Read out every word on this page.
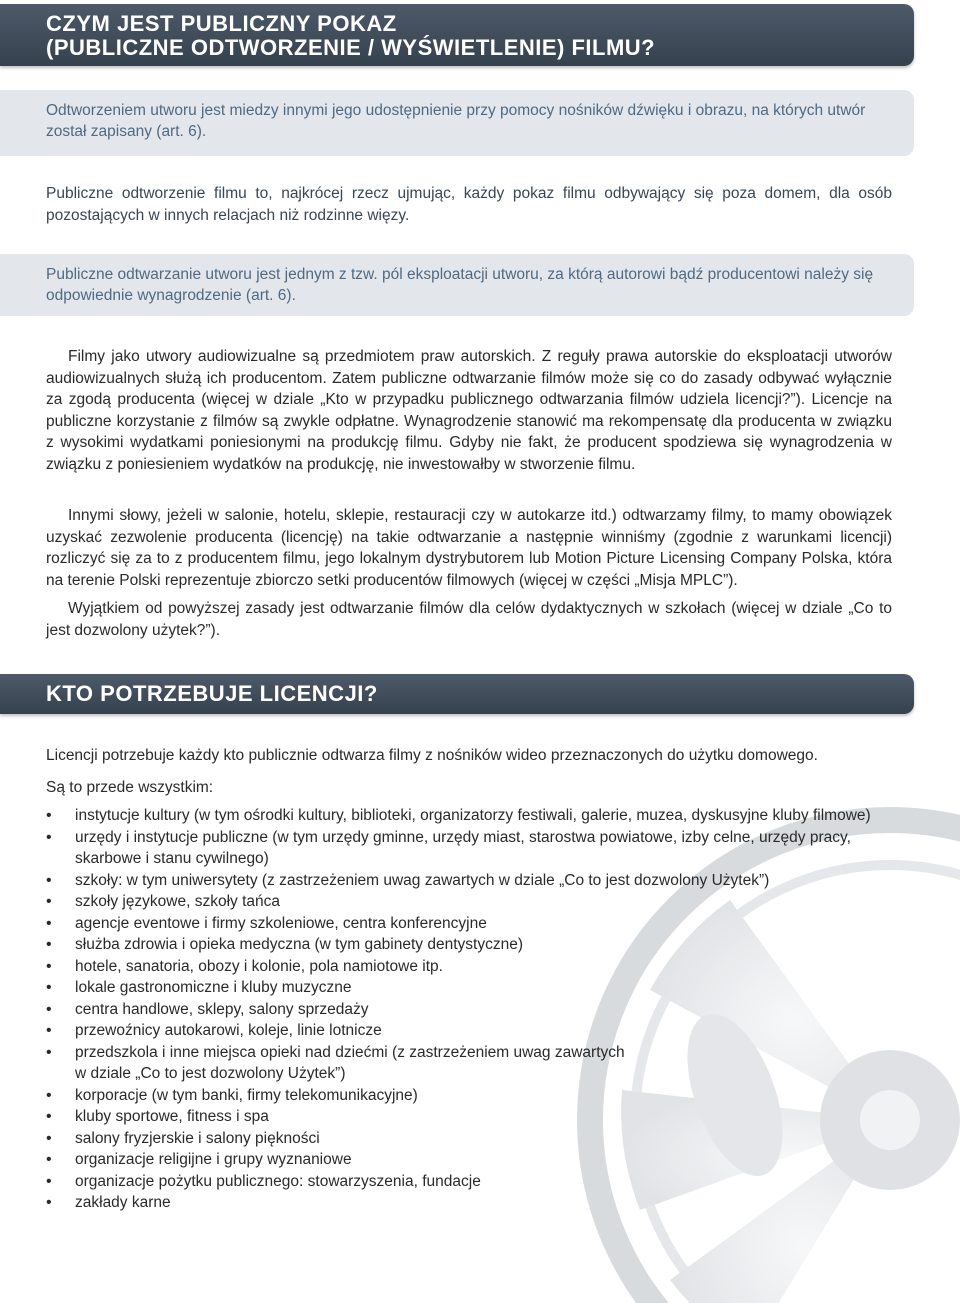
CZYM JEST PUBLICZNY POKAZ
(PUBLICZNE ODTWORZENIE / WYŚWIETLENIE) FILMU?
Odtworzeniem utworu jest miedzy innymi jego udostępnienie przy pomocy nośników dźwięku i obrazu, na których utwór został zapisany (art. 6).
Publiczne odtworzenie filmu to, najkrócej rzecz ujmując, każdy pokaz filmu odbywający się poza domem, dla osób pozostających w innych relacjach niż rodzinne więzy.
Publiczne odtwarzanie utworu jest jednym z tzw. pól eksploatacji utworu, za którą autorowi bądź producentowi należy się odpowiednie wynagrodzenie (art. 6).
Filmy jako utwory audiowizualne są przedmiotem praw autorskich. Z reguły prawa autorskie do eksploatacji utworów audiowizualnych służą ich producentom. Zatem publiczne odtwarzanie filmów może się co do zasady odbywać wyłącznie za zgodą producenta (więcej w dziale „Kto w przypadku publicznego odtwarzania filmów udziela licencji?”). Licencje na publiczne korzystanie z filmów są zwykle odpłatne. Wynagrodzenie stanowić ma rekompensatę dla producenta w związku z wysokimi wydatkami poniesionymi na produkcję filmu. Gdyby nie fakt, że producent spodziewa się wynagrodzenia w związku z poniesieniem wydatków na produkcję, nie inwestowałby w stworzenie filmu.
Innymi słowy, jeżeli w salonie, hotelu, sklepie, restauracji czy w autokarze itd.) odtwarzamy filmy, to mamy obowiązek uzyskać zezwolenie producenta (licencję) na takie odtwarzanie a następnie winniśmy (zgodnie z warunkami licencji) rozliczyć się za to z producentem filmu, jego lokalnym dystrybutorem lub Motion Picture Licensing Company Polska, która na terenie Polski reprezentuje zbiorczo setki producentów filmowych (więcej w części „Misja MPLC”).
Wyjątkiem od powyższej zasady jest odtwarzanie filmów dla celów dydaktycznych w szkołach (więcej w dziale „Co to jest dozwolony użytek?”).
KTO POTRZEBUJE LICENCJI?
Licencji potrzebuje każdy kto publicznie odtwarza filmy z nośników wideo przeznaczonych do użytku domowego.
Są to przede wszystkim:
• instytucje kultury (w tym ośrodki kultury, biblioteki, organizatorzy festiwali, galerie, muzea, dyskusyjne kluby filmowe)
• urzędy i instytucje publiczne (w tym urzędy gminne, urzędy miast, starostwa powiatowe, izby celne, urzędy pracy, skarbowe i stanu cywilnego)
• szkoły: w tym uniwersytety (z zastrzeżeniem uwag zawartych w dziale „Co to jest dozwolony Użytek”)
• szkoły językowe, szkoły tańca
• agencje eventowe i firmy szkoleniowe, centra konferencyjne
• służba zdrowia i opieka medyczna (w tym gabinety dentystyczne)
• hotele, sanatoria, obozy i kolonie, pola namiotowe itp.
• lokale gastronomiczne i kluby muzyczne
• centra handlowe, sklepy, salony sprzedaży
• przewoźnicy autokarowi, koleje, linie lotnicze
• przedszkola i inne miejsca opieki nad dziećmi (z zastrzeżeniem uwag zawartych w dziale „Co to jest dozwolony Użytek”)
• korporacje (w tym banki, firmy telekomunikacyjne)
• kluby sportowe, fitness i spa
• salony fryzjerskie i salony piękności
• organizacje religijne i grupy wyznaniowe
• organizacje pożytku publicznego: stowarzyszenia, fundacje
• zakłady karne
